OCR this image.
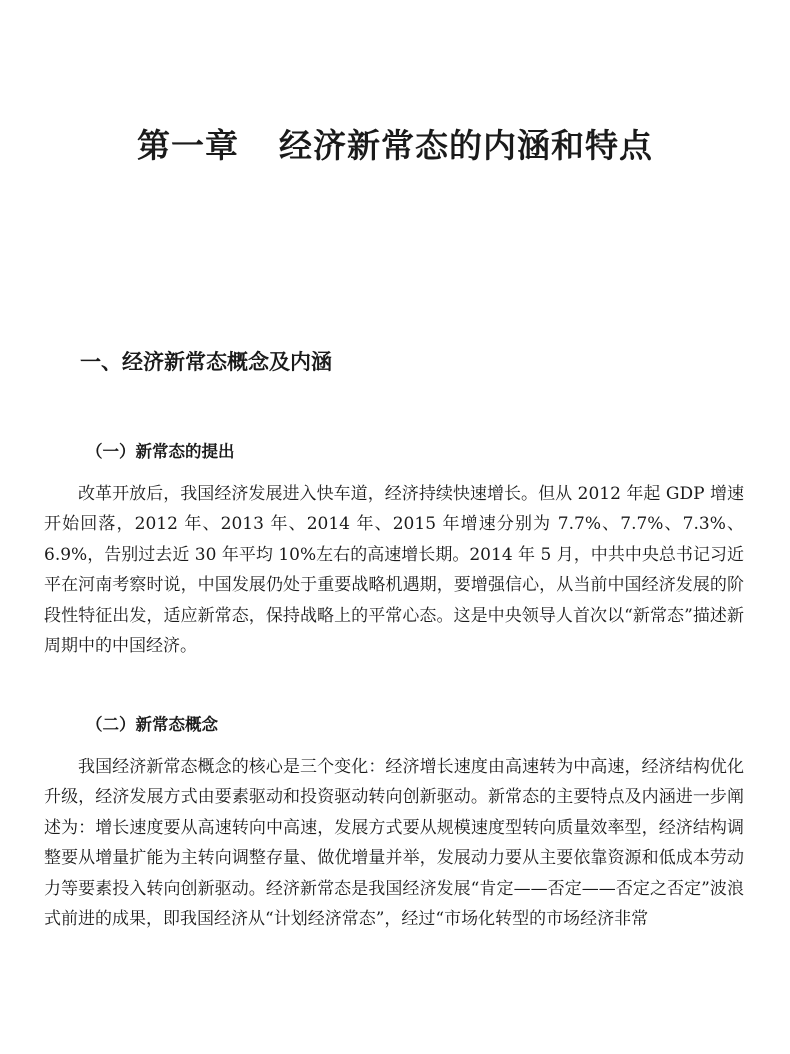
第一章 经济新常态的内涵和特点
一、经济新常态概念及内涵
（一）新常态的提出

改革开放后，我国经济发展进入快车道，经济持续快速增长。但从 2012 年起 GDP 增速开始回落，2012 年、2013 年、2014 年、2015 年增速分别为 7.7%、7.7%、7.3%、6.9%，告别过去近 30 年平均 10%左右的高速增长期。2014 年 5 月，中共中央总书记习近平在河南考察时说，中国发展仍处于重要战略机遇期，要增强信心，从当前中国经济发展的阶段性特征出发，适应新常态，保持战略上的平常心态。这是中央领导人首次以“新常态”描述新周期中的中国经济。

（二）新常态概念

我国经济新常态概念的核心是三个变化：经济增长速度由高速转为中高速，经济结构优化升级，经济发展方式由要素驱动和投资驱动转向创新驱动。新常态的主要特点及内涵进一步阐述为：增长速度要从高速转向中高速，发展方式要从规模速度型转向质量效率型，经济结构调整要从增量扩能为主转向调整存量、做优增量并举，发展动力要从主要依靠资源和低成本劳动力等要素投入转向创新驱动。经济新常态是我国经济发展“肯定——否定——否定之否定”波浪式前进的成果，即我国经济从“计划经济常态”，经过“市场化转型的市场经济非常
